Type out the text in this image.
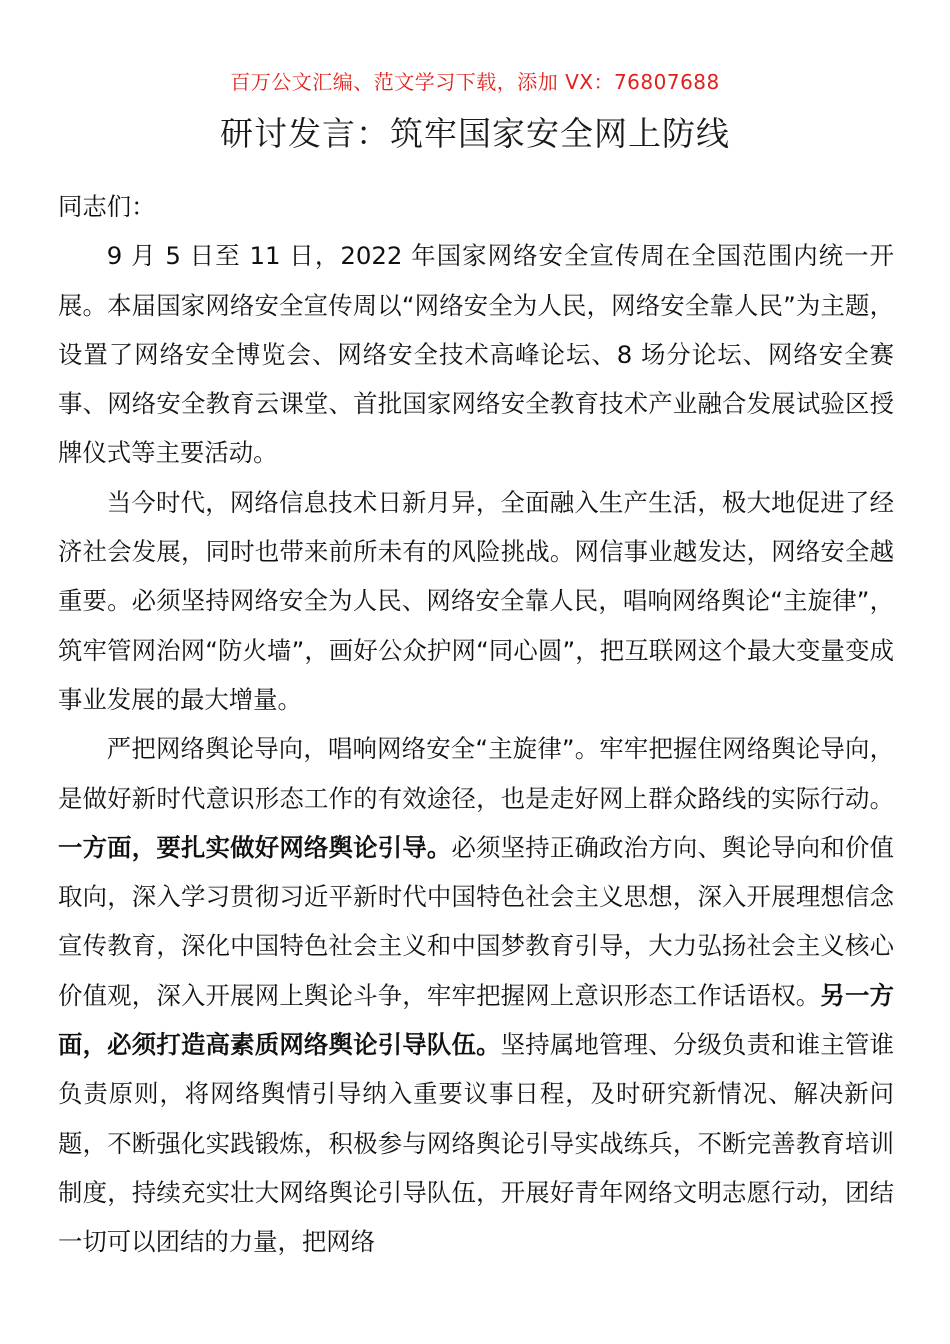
百万公文汇编、范文学习下载，添加 VX：76807688
研讨发言：筑牢国家安全网上防线

同志们：

9 月 5 日至 11 日，2022 年国家网络安全宣传周在全国范围内统一开展。本届国家网络安全宣传周以“网络安全为人民，网络安全靠人民”为主题，设置了网络安全博览会、网络安全技术高峰论坛、8 场分论坛、网络安全赛事、网络安全教育云课堂、首批国家网络安全教育技术产业融合发展试验区授牌仪式等主要活动。

当今时代，网络信息技术日新月异，全面融入生产生活，极大地促进了经济社会发展，同时也带来前所未有的风险挑战。网信事业越发达，网络安全越重要。必须坚持网络安全为人民、网络安全靠人民，唱响网络舆论“主旋律”，筑牢管网治网“防火墙”，画好公众护网“同心圆”，把互联网这个最大变量变成事业发展的最大增量。

严把网络舆论导向，唱响网络安全“主旋律”。牢牢把握住网络舆论导向，是做好新时代意识形态工作的有效途径，也是走好网上群众路线的实际行动。一方面，要扎实做好网络舆论引导。必须坚持正确政治方向、舆论导向和价值取向，深入学习贯彻习近平新时代中国特色社会主义思想，深入开展理想信念宣传教育，深化中国特色社会主义和中国梦教育引导，大力弘扬社会主义核心价值观，深入开展网上舆论斗争，牢牢把握网上意识形态工作话语权。另一方面，必须打造高素质网络舆论引导队伍。坚持属地管理、分级负责和谁主管谁负责原则，将网络舆情引导纳入重要议事日程，及时研究新情况、解决新问题，不断强化实践锻炼，积极参与网络舆论引导实战练兵，不断完善教育培训制度，持续充实壮大网络舆论引导队伍，开展好青年网络文明志愿行动，团结一切可以团结的力量，把网络
